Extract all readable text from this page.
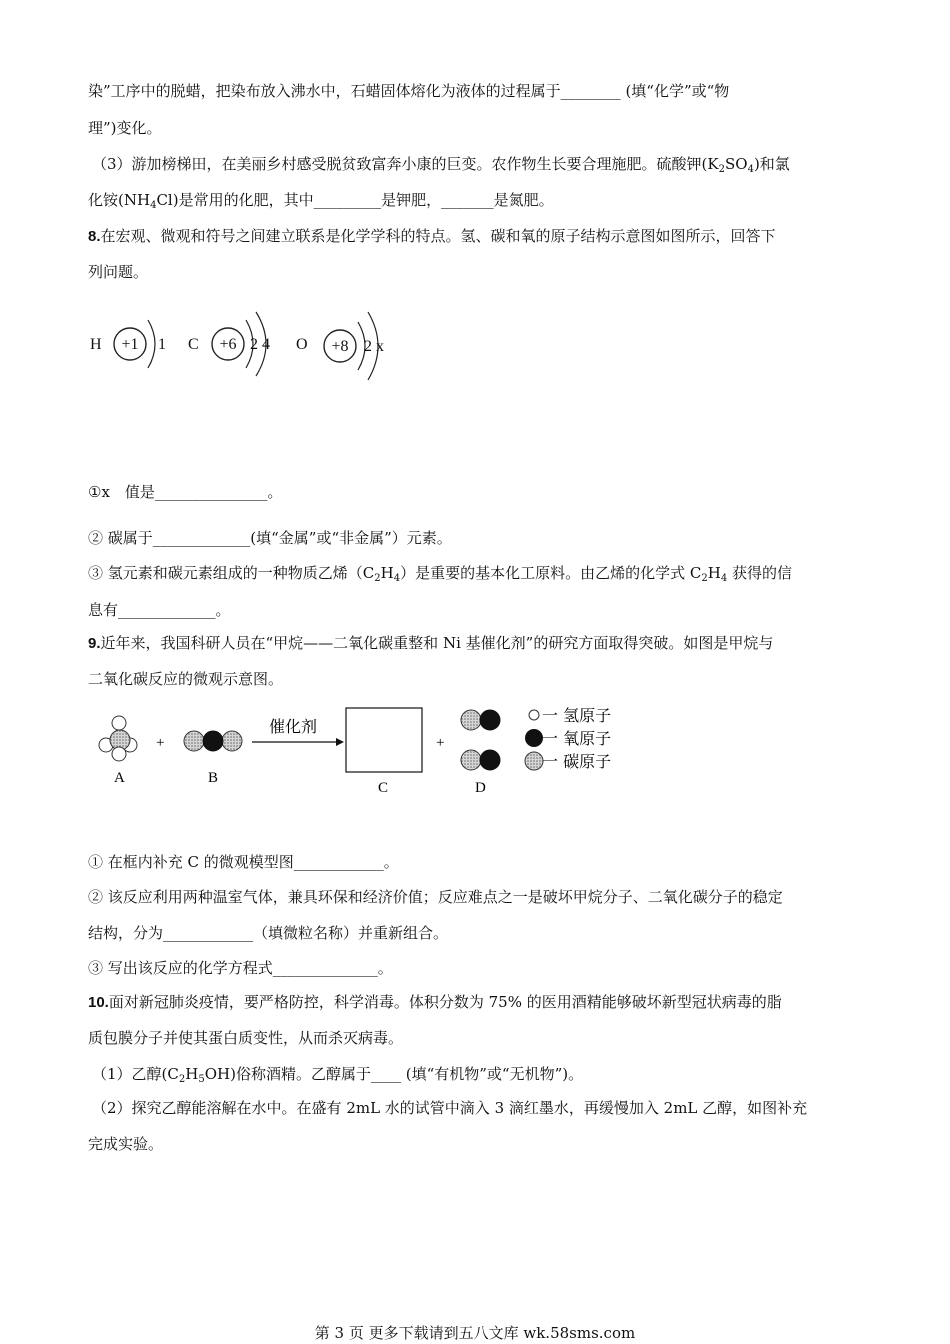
染”工序中的脱蜡，把染布放入沸水中，石蜡固体熔化为液体的过程属于________ (填“化学”或“物
理”)变化。
（3）游加榜梯田，在美丽乡村感受脱贫致富奔小康的巨变。农作物生长要合理施肥。硫酸钾$(K_2SO_4)$和氯
化铵$(NH_4Cl)$是常用的化肥，其中_________是钾肥，_______是氮肥。
8.在宏观、微观和符号之间建立联系是化学学科的特点。氢、碳和氧的原子结构示意图如图所示，回答下
列问题。
H +1 1 C +6 2 4 O +8 2 x
①x　值是_______________。
② 碳属于_____________(填“金属”或“非金属”）元素。
③ 氢元素和碳元素组成的一种物质乙烯$(C_2H_4)$是重要的基本化工原料。由乙烯的化学式 $C_2H_4$ 获得的信
息有_____________。
9.近年来，我国科研人员在“甲烷——二氧化碳重整和 Ni 基催化剂”的研究方面取得突破。如图是甲烷与
二氧化碳反应的微观示意图。
A
+
B
催化剂
C
+
D
一 氢原子
一 氧原子
一 碳原子
① 在框内补充 C 的微观模型图____________。
② 该反应利用两种温室气体，兼具环保和经济价值；反应难点之一是破坏甲烷分子、二氧化碳分子的稳定
结构，分为____________（填微粒名称）并重新组合。
③ 写出该反应的化学方程式______________。
10.面对新冠肺炎疫情，要严格防控，科学消毒。体积分数为 75% 的医用酒精能够破坏新型冠状病毒的脂
质包膜分子并使其蛋白质变性，从而杀灭病毒。
（1）乙醇$(C_2H_5OH)$俗称酒精。乙醇属于____ (填“有机物”或“无机物”)。
（2）探究乙醇能溶解在水中。在盛有 2mL 水的试管中滴入 3 滴红墨水，再缓慢加入 2mL 乙醇，如图补充
完成实验。
第 3 页 更多下载请到五八文库 wk.58sms.com
